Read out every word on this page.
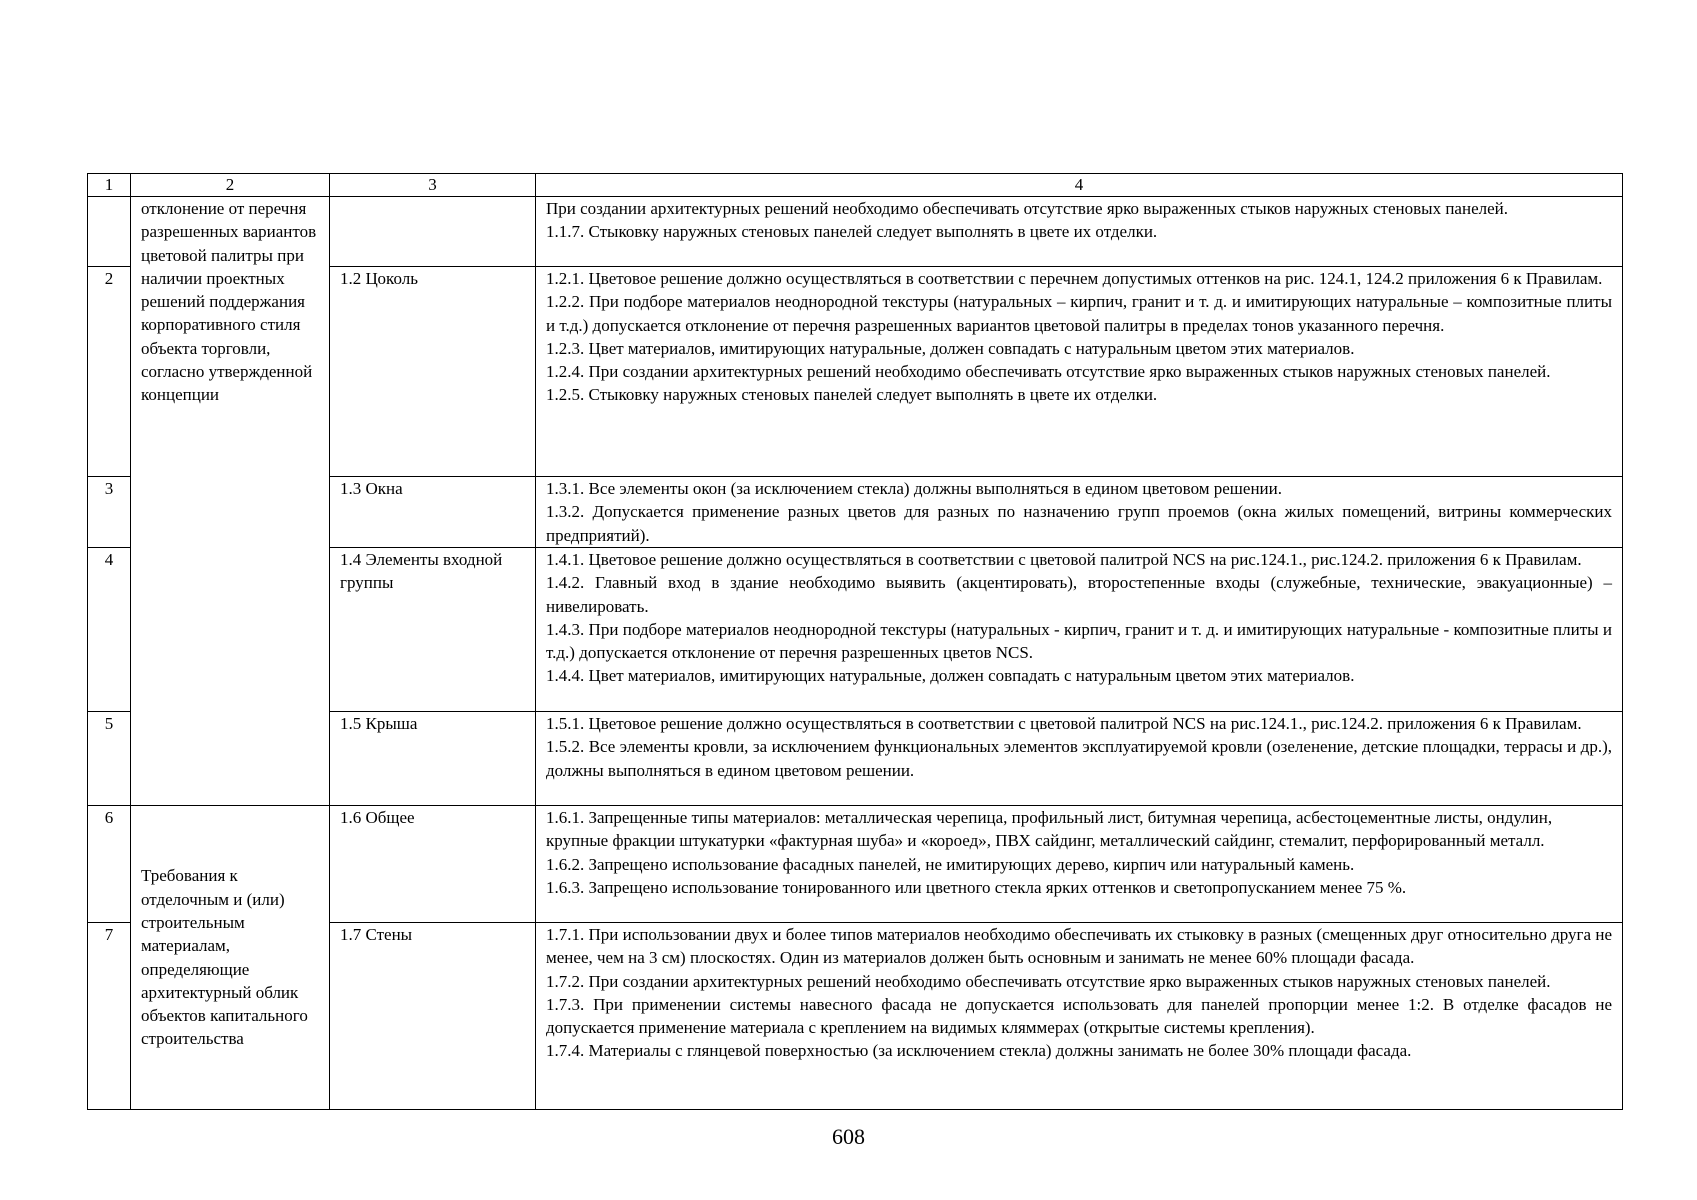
1	2	3	4

	отклонение от перечня разрешенных вариантов цветовой палитры при наличии проектных решений поддержания корпоративного стиля объекта торговли, согласно утвержденной концепции		При создании архитектурных решений необходимо обеспечивать отсутствие ярко выраженных стыков наружных стеновых панелей.

1.1.7. Стыковку наружных стеновых панелей следует выполнять в цвете их отделки.

2		1.2 Цоколь	1.2.1. Цветовое решение должно осуществляться в соответствии с перечнем допустимых оттенков на рис. 124.1, 124.2 приложения 6 к Правилам.

1.2.2. При подборе материалов неоднородной текстуры (натуральных – кирпич, гранит и т. д. и имитирующих натуральные – композитные плиты и т.д.) допускается отклонение от перечня разрешенных вариантов цветовой палитры в пределах тонов указанного перечня.

1.2.3. Цвет материалов, имитирующих натуральные, должен совпадать с натуральным цветом этих материалов.

1.2.4. При создании архитектурных решений необходимо обеспечивать отсутствие ярко выраженных стыков наружных стеновых панелей.

1.2.5. Стыковку наружных стеновых панелей следует выполнять в цвете их отделки.

3		1.3 Окна	1.3.1. Все элементы окон (за исключением стекла) должны выполняться в едином цветовом решении.

1.3.2. Допускается применение разных цветов для разных по назначению групп проемов (окна жилых помещений, витрины коммерческих предприятий).

4		1.4 Элементы входной группы	1.4.1. Цветовое решение должно осуществляться в соответствии с цветовой палитрой NCS на рис.124.1., рис.124.2. приложения 6 к Правилам.

1.4.2. Главный вход в здание необходимо выявить (акцентировать), второстепенные входы (служебные, технические, эвакуационные) – нивелировать.

1.4.3. При подборе материалов неоднородной текстуры (натуральных - кирпич, гранит и т. д. и имитирующих натуральные - композитные плиты и т.д.) допускается отклонение от перечня разрешенных цветов NCS.

1.4.4. Цвет материалов, имитирующих натуральные, должен совпадать с натуральным цветом этих материалов.

5		1.5 Крыша	1.5.1. Цветовое решение должно осуществляться в соответствии с цветовой палитрой NCS на рис.124.1., рис.124.2. приложения 6 к Правилам.

1.5.2. Все элементы кровли, за исключением функциональных элементов эксплуатируемой кровли (озеленение, детские площадки, террасы и др.), должны выполняться в едином цветовом решении.

6	Требования к отделочным и (или) строительным материалам, определяющие архитектурный облик объектов капитального строительства	1.6 Общее	1.6.1. Запрещенные типы материалов: металлическая черепица, профильный лист, битумная черепица, асбестоцементные листы, ондулин, крупные фракции штукатурки «фактурная шуба» и «короед», ПВХ сайдинг, металлический сайдинг, стемалит, перфорированный металл.

1.6.2. Запрещено использование фасадных панелей, не имитирующих дерево, кирпич или натуральный камень.

1.6.3. Запрещено использование тонированного или цветного стекла ярких оттенков и светопропусканием менее 75 %.

7		1.7 Стены	1.7.1. При использовании двух и более типов материалов необходимо обеспечивать их стыковку в разных (смещенных друг относительно друга не менее, чем на 3 см) плоскостях. Один из материалов должен быть основным и занимать не менее 60% площади фасада.

1.7.2. При создании архитектурных решений необходимо обеспечивать отсутствие ярко выраженных стыков наружных стеновых панелей.

1.7.3. При применении системы навесного фасада не допускается использовать для панелей пропорции менее 1:2. В отделке фасадов не допускается применение материала с креплением на видимых кляммерах (открытые системы крепления).

1.7.4. Материалы с глянцевой поверхностью (за исключением стекла) должны занимать не более 30% площади фасада.

608
